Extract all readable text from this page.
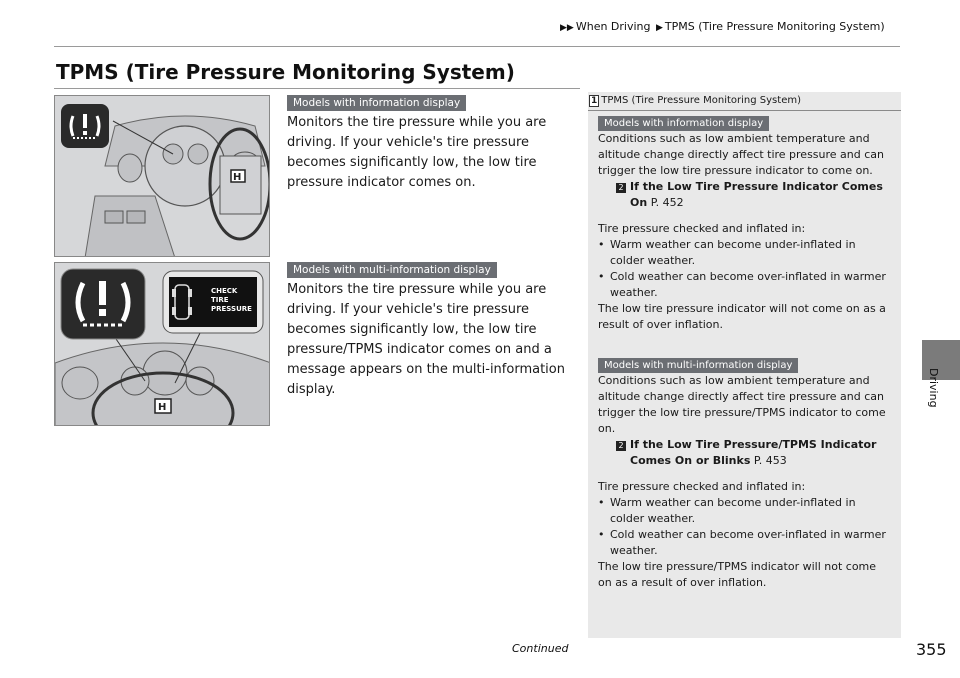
▶▶ When Driving ▶ TPMS (Tire Pressure Monitoring System)
TPMS (Tire Pressure Monitoring System)
H
H
CHECK
TIRE
PRESSURE
Models with information display
Monitors the tire pressure while you are driving. If your vehicle's tire pressure becomes significantly low, the low tire pressure indicator comes on.
Models with multi-information display
Monitors the tire pressure while you are driving. If your vehicle's tire pressure becomes significantly low, the low tire pressure/TPMS indicator comes on and a message appears on the multi-information display.
1 TPMS (Tire Pressure Monitoring System)
Models with information display

Conditions such as low ambient temperature and altitude change directly affect tire pressure and can trigger the low tire pressure indicator to come on.

2 If the Low Tire Pressure Indicator Comes

On P. 452

Tire pressure checked and inflated in:

• Warm weather can become under-inflated in colder weather.

• Cold weather can become over-inflated in warmer weather.

The low tire pressure indicator will not come on as a result of over inflation.

Models with multi-information display

Conditions such as low ambient temperature and altitude change directly affect tire pressure and can trigger the low tire pressure/TPMS indicator to come on.

2 If the Low Tire Pressure/TPMS Indicator

Comes On or Blinks P. 453

Tire pressure checked and inflated in:

• Warm weather can become under-inflated in colder weather.

• Cold weather can become over-inflated in warmer weather.

The low tire pressure/TPMS indicator will not come on as a result of over inflation.

Driving
Continued	355
